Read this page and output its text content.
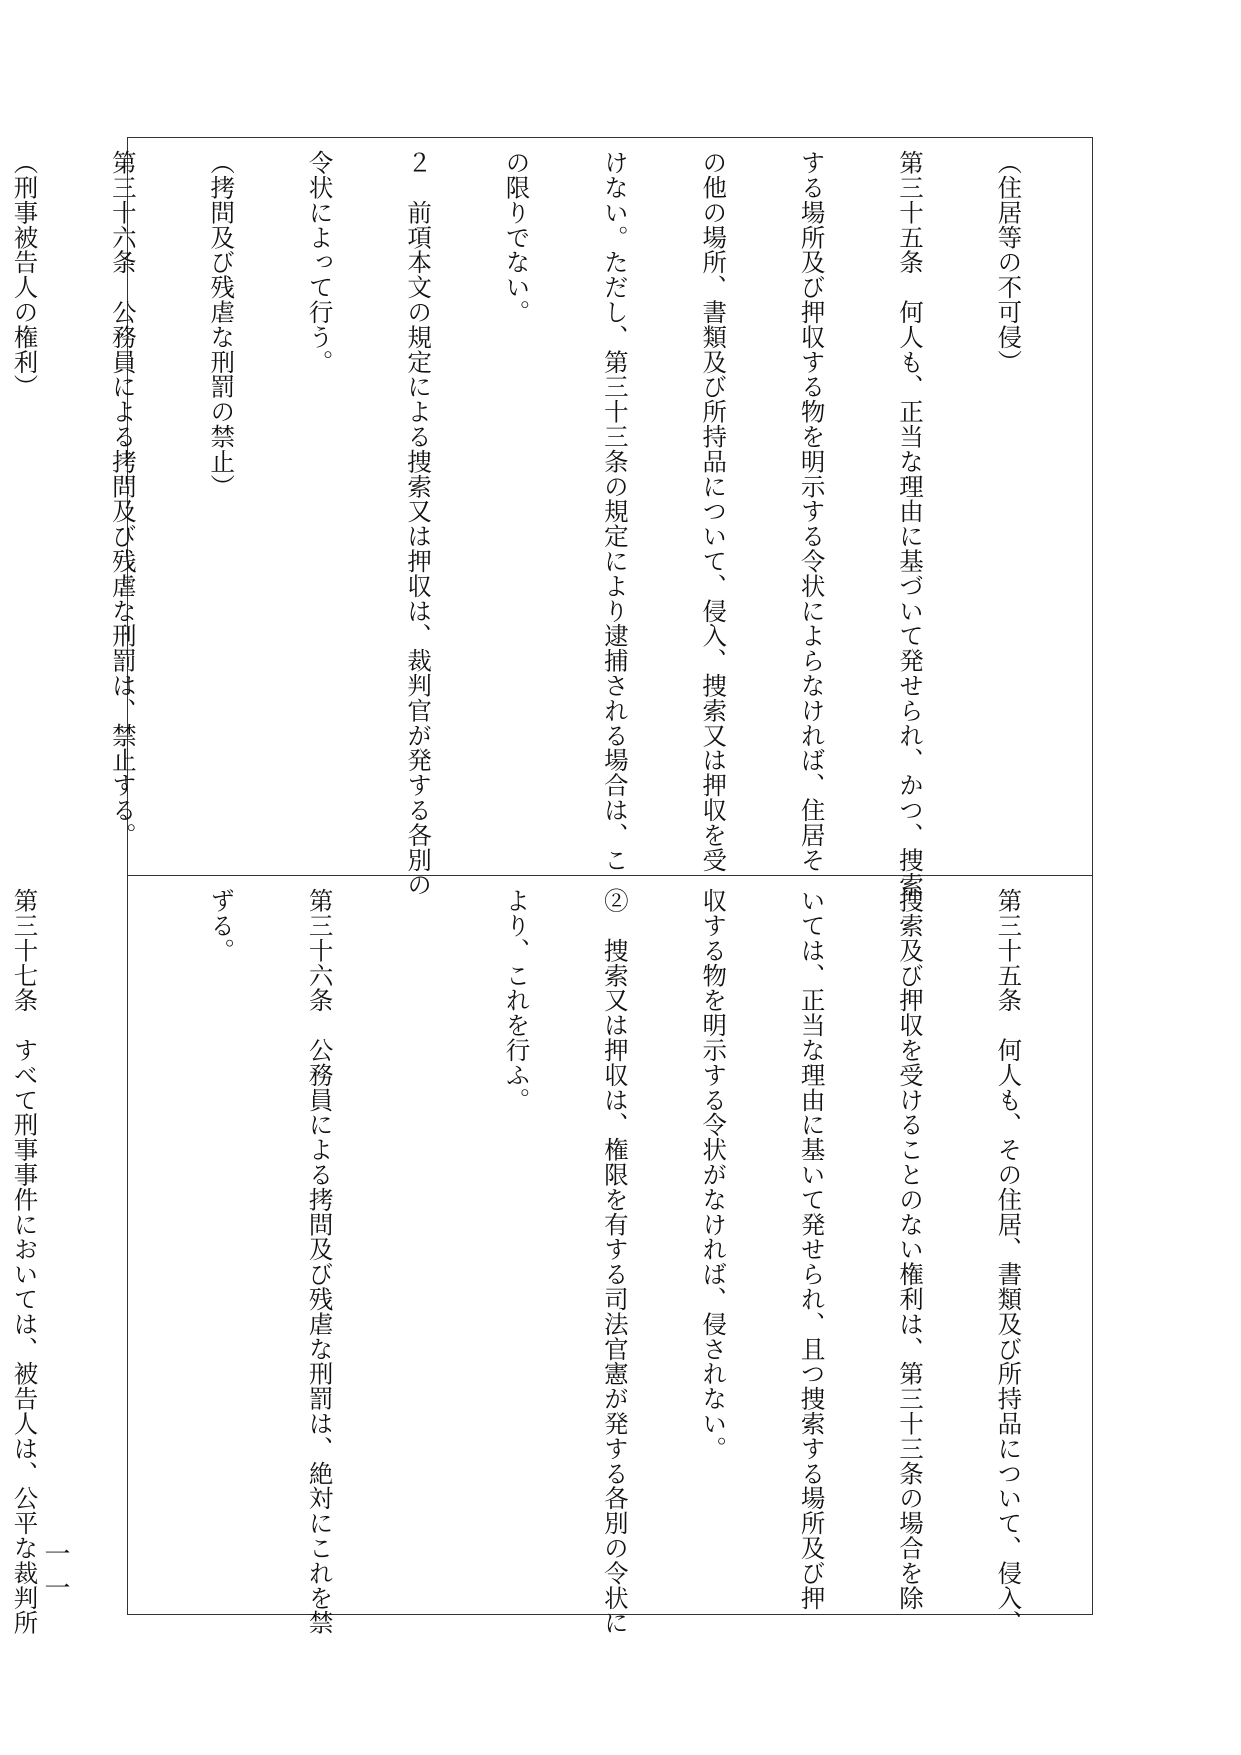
（住居等の不可侵）

第三十五条　何人も、正当な理由に基づいて発せられ、かつ、捜索

する場所及び押収する物を明示する令状によらなければ、住居そ

の他の場所、書類及び所持品について、侵入、捜索又は押収を受

けない。ただし、第三十三条の規定により逮捕される場合は、こ

の限りでない。

２　前項本文の規定による捜索又は押収は、裁判官が発する各別の

令状によって行う。

（拷問及び残虐な刑罰の禁止）

第三十六条　公務員による拷問及び残虐な刑罰は、禁止する。

（刑事被告人の権利）

第三十五条　何人も、その住居、書類及び所持品について、侵入、

捜索及び押収を受けることのない権利は、第三十三条の場合を除

いては、正当な理由に基いて発せられ、且つ捜索する場所及び押

収する物を明示する令状がなければ、侵されない。

②　捜索又は押収は、権限を有する司法官憲が発する各別の令状に

より、これを行ふ。

第三十六条　公務員による拷問及び残虐な刑罰は、絶対にこれを禁

ずる。

第三十七条　すべて刑事事件においては、被告人は、公平な裁判所

一一
